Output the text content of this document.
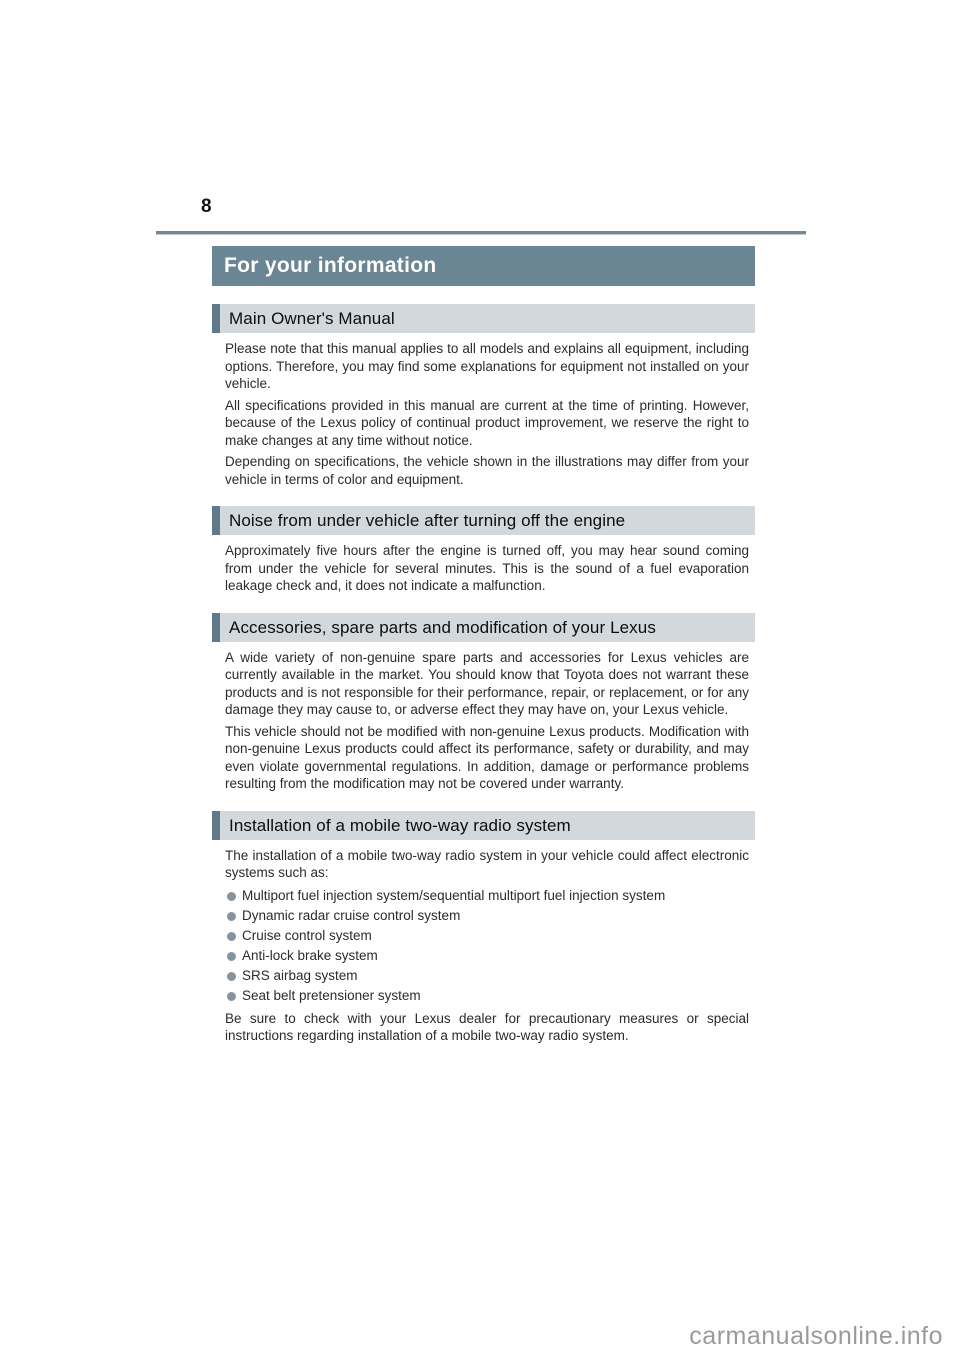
8
For your information
Main Owner's Manual

Please note that this manual applies to all models and explains all equipment, including options. Therefore, you may find some explanations for equipment not installed on your vehicle.

All specifications provided in this manual are current at the time of printing. However, because of the Lexus policy of continual product improvement, we reserve the right to make changes at any time without notice.

Depending on specifications, the vehicle shown in the illustrations may differ from your vehicle in terms of color and equipment.

Noise from under vehicle after turning off the engine

Approximately five hours after the engine is turned off, you may hear sound coming from under the vehicle for several minutes. This is the sound of a fuel evaporation leakage check and, it does not indicate a malfunction.

Accessories, spare parts and modification of your Lexus

A wide variety of non-genuine spare parts and accessories for Lexus vehicles are currently available in the market. You should know that Toyota does not warrant these products and is not responsible for their performance, repair, or replacement, or for any damage they may cause to, or adverse effect they may have on, your Lexus vehicle.

This vehicle should not be modified with non-genuine Lexus products. Modification with non-genuine Lexus products could affect its performance, safety or durability, and may even violate governmental regulations. In addition, damage or performance problems resulting from the modification may not be covered under warranty.

Installation of a mobile two-way radio system

The installation of a mobile two-way radio system in your vehicle could affect electronic systems such as:

Multiport fuel injection system/sequential multiport fuel injection system
Dynamic radar cruise control system
Cruise control system
Anti-lock brake system
SRS airbag system
Seat belt pretensioner system

Be sure to check with your Lexus dealer for precautionary measures or special instructions regarding installation of a mobile two-way radio system.

carmanualsonline.info
